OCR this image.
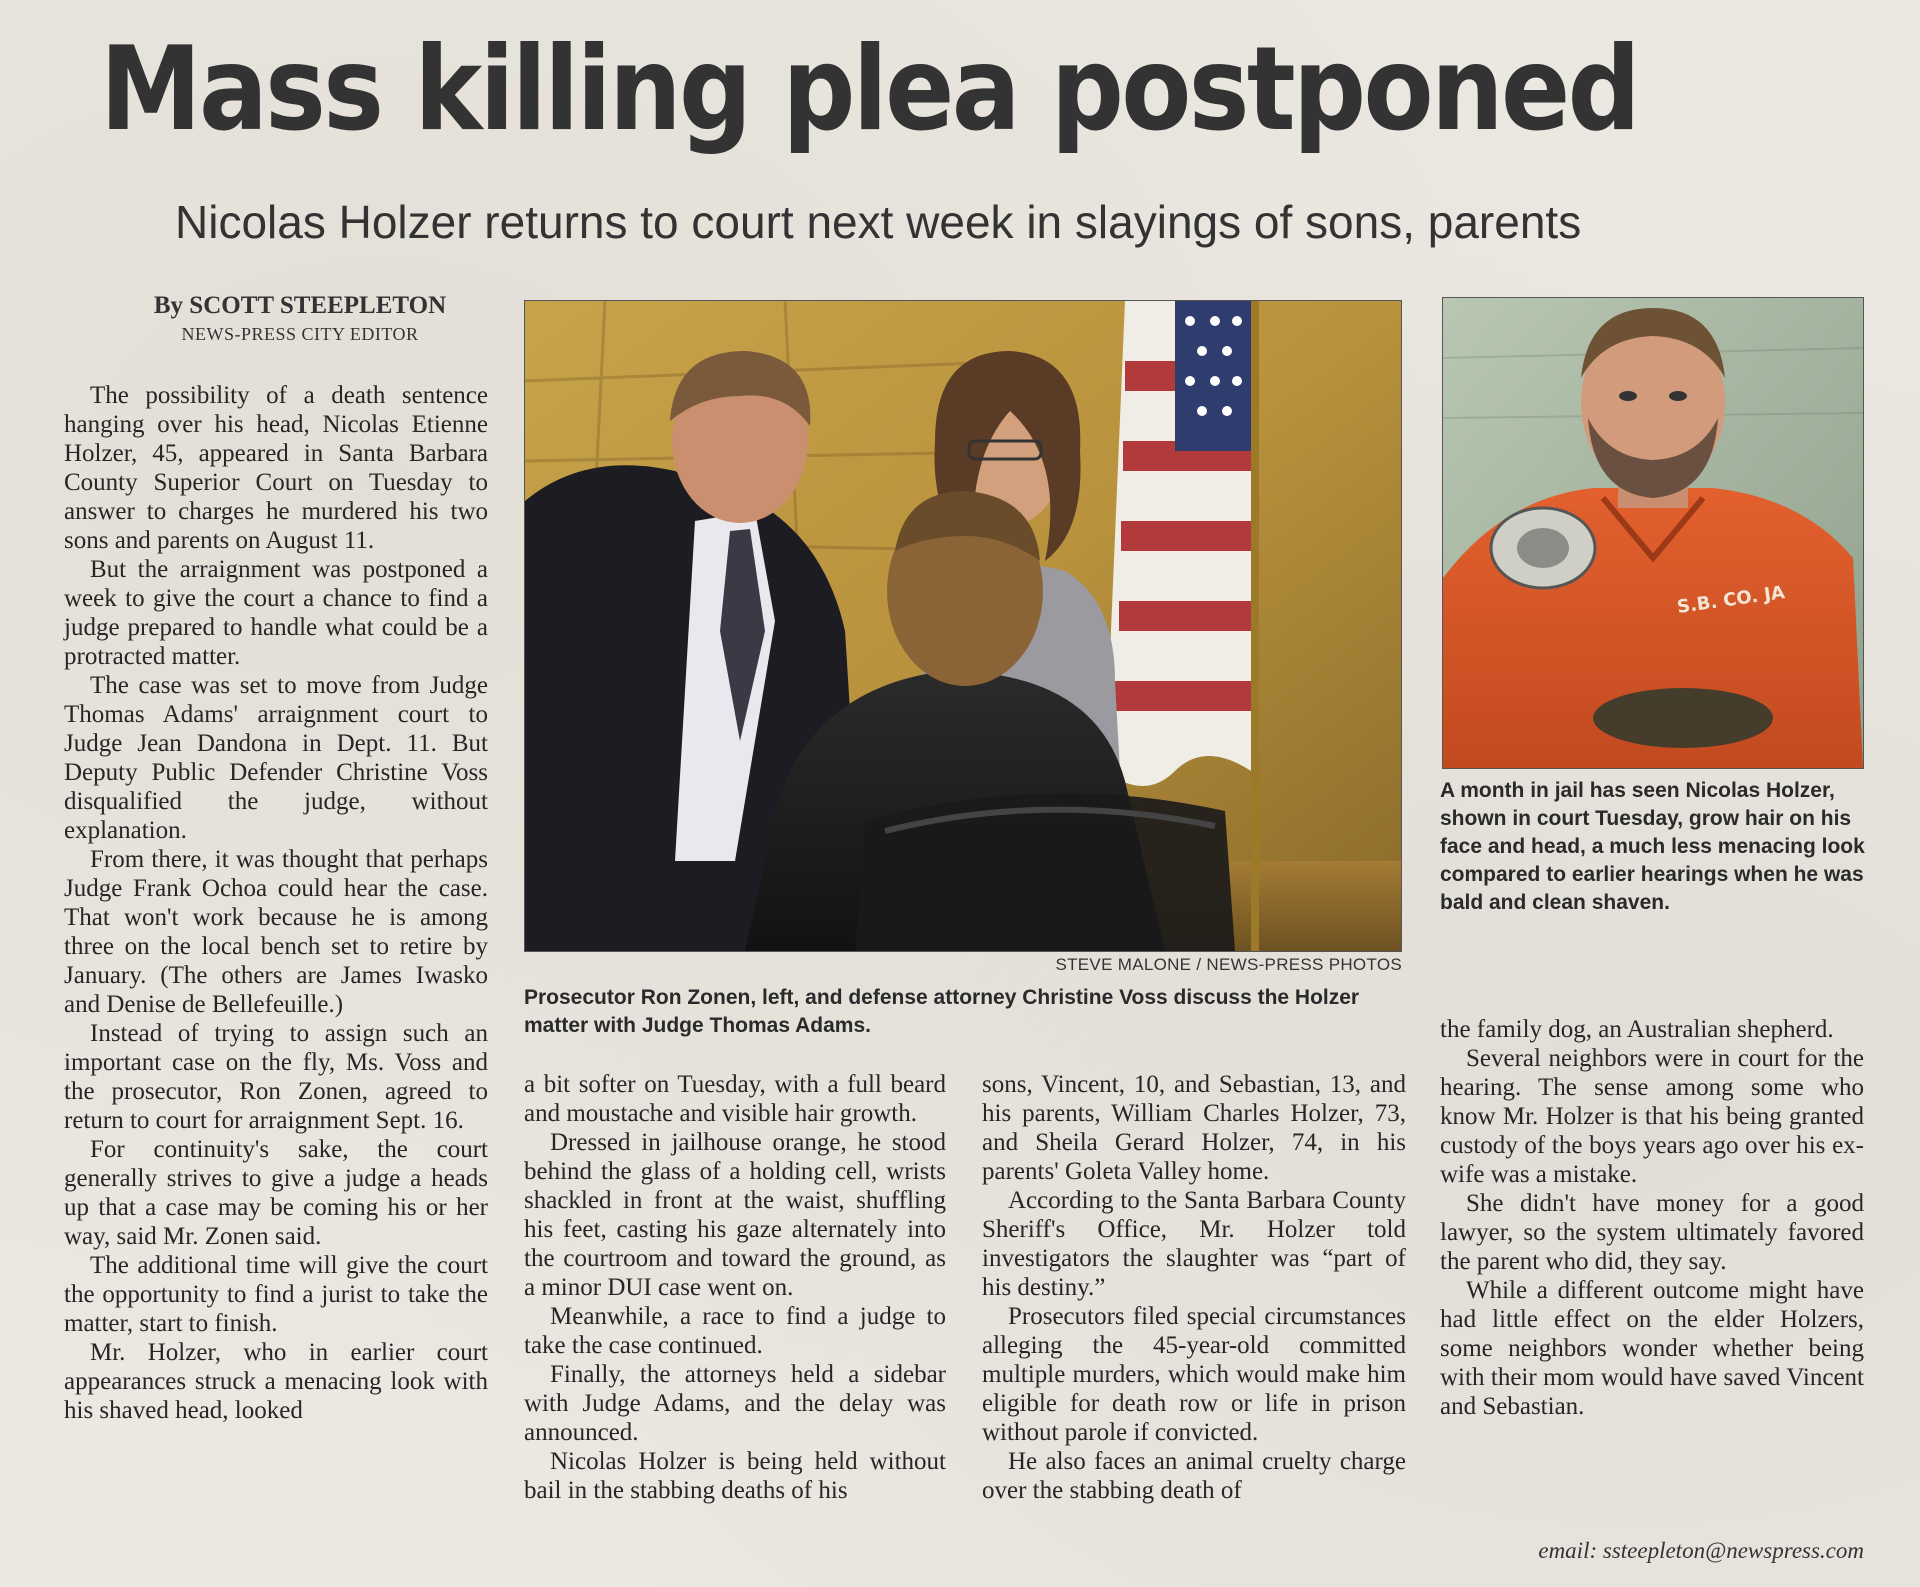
Mass killing plea postponed
Nicolas Holzer returns to court next week in slayings of sons, parents
By SCOTT STEEPLETON
NEWS-PRESS CITY EDITOR
STEVE MALONE / NEWS-PRESS PHOTOS
Prosecutor Ron Zonen, left, and defense attorney Christine Voss discuss the Holzer matter with Judge Thomas Adams.
S.B. CO. JA
A month in jail has seen Nicolas Holzer, shown in court Tuesday, grow hair on his face and head, a much less menacing look compared to earlier hearings when he was bald and clean shaven.

The possibility of a death sentence hanging over his head, Nicolas Etienne Holzer, 45, appeared in Santa Barbara County Superior Court on Tuesday to answer to charges he murdered his two sons and parents on August 11.

But the arraignment was postponed a week to give the court a chance to find a judge prepared to handle what could be a protracted matter.

The case was set to move from Judge Thomas Adams' arraignment court to Judge Jean Dandona in Dept. 11. But Deputy Public Defender Christine Voss disqualified the judge, without explanation.

From there, it was thought that perhaps Judge Frank Ochoa could hear the case. That won't work because he is among three on the local bench set to retire by January. (The others are James Iwasko and Denise de Bellefeuille.)

Instead of trying to assign such an important case on the fly, Ms. Voss and the prosecutor, Ron Zonen, agreed to return to court for arraignment Sept. 16.

For continuity's sake, the court generally strives to give a judge a heads up that a case may be coming his or her way, said Mr. Zonen said.

The additional time will give the court the opportunity to find a jurist to take the matter, start to finish.

Mr. Holzer, who in earlier court appearances struck a menacing look with his shaved head, looked

a bit softer on Tuesday, with a full beard and moustache and visible hair growth.

Dressed in jailhouse orange, he stood behind the glass of a holding cell, wrists shackled in front at the waist, shuffling his feet, casting his gaze alternately into the courtroom and toward the ground, as a minor DUI case went on.

Meanwhile, a race to find a judge to take the case continued.

Finally, the attorneys held a sidebar with Judge Adams, and the delay was announced.

Nicolas Holzer is being held without bail in the stabbing deaths of his

sons, Vincent, 10, and Sebastian, 13, and his parents, William Charles Holzer, 73, and Sheila Gerard Holzer, 74, in his parents' Goleta Valley home.

According to the Santa Barbara County Sheriff's Office, Mr. Holzer told investigators the slaughter was “part of his destiny.”

Prosecutors filed special circumstances alleging the 45-year-old committed multiple murders, which would make him eligible for death row or life in prison without parole if convicted.

He also faces an animal cruelty charge over the stabbing death of

the family dog, an Australian shepherd.

Several neighbors were in court for the hearing. The sense among some who know Mr. Holzer is that his being granted custody of the boys years ago over his ex-wife was a mistake.

She didn't have money for a good lawyer, so the system ultimately favored the parent who did, they say.

While a different outcome might have had little effect on the elder Holzers, some neighbors wonder whether being with their mom would have saved Vincent and Sebastian.

email: ssteepleton@newspress.com
